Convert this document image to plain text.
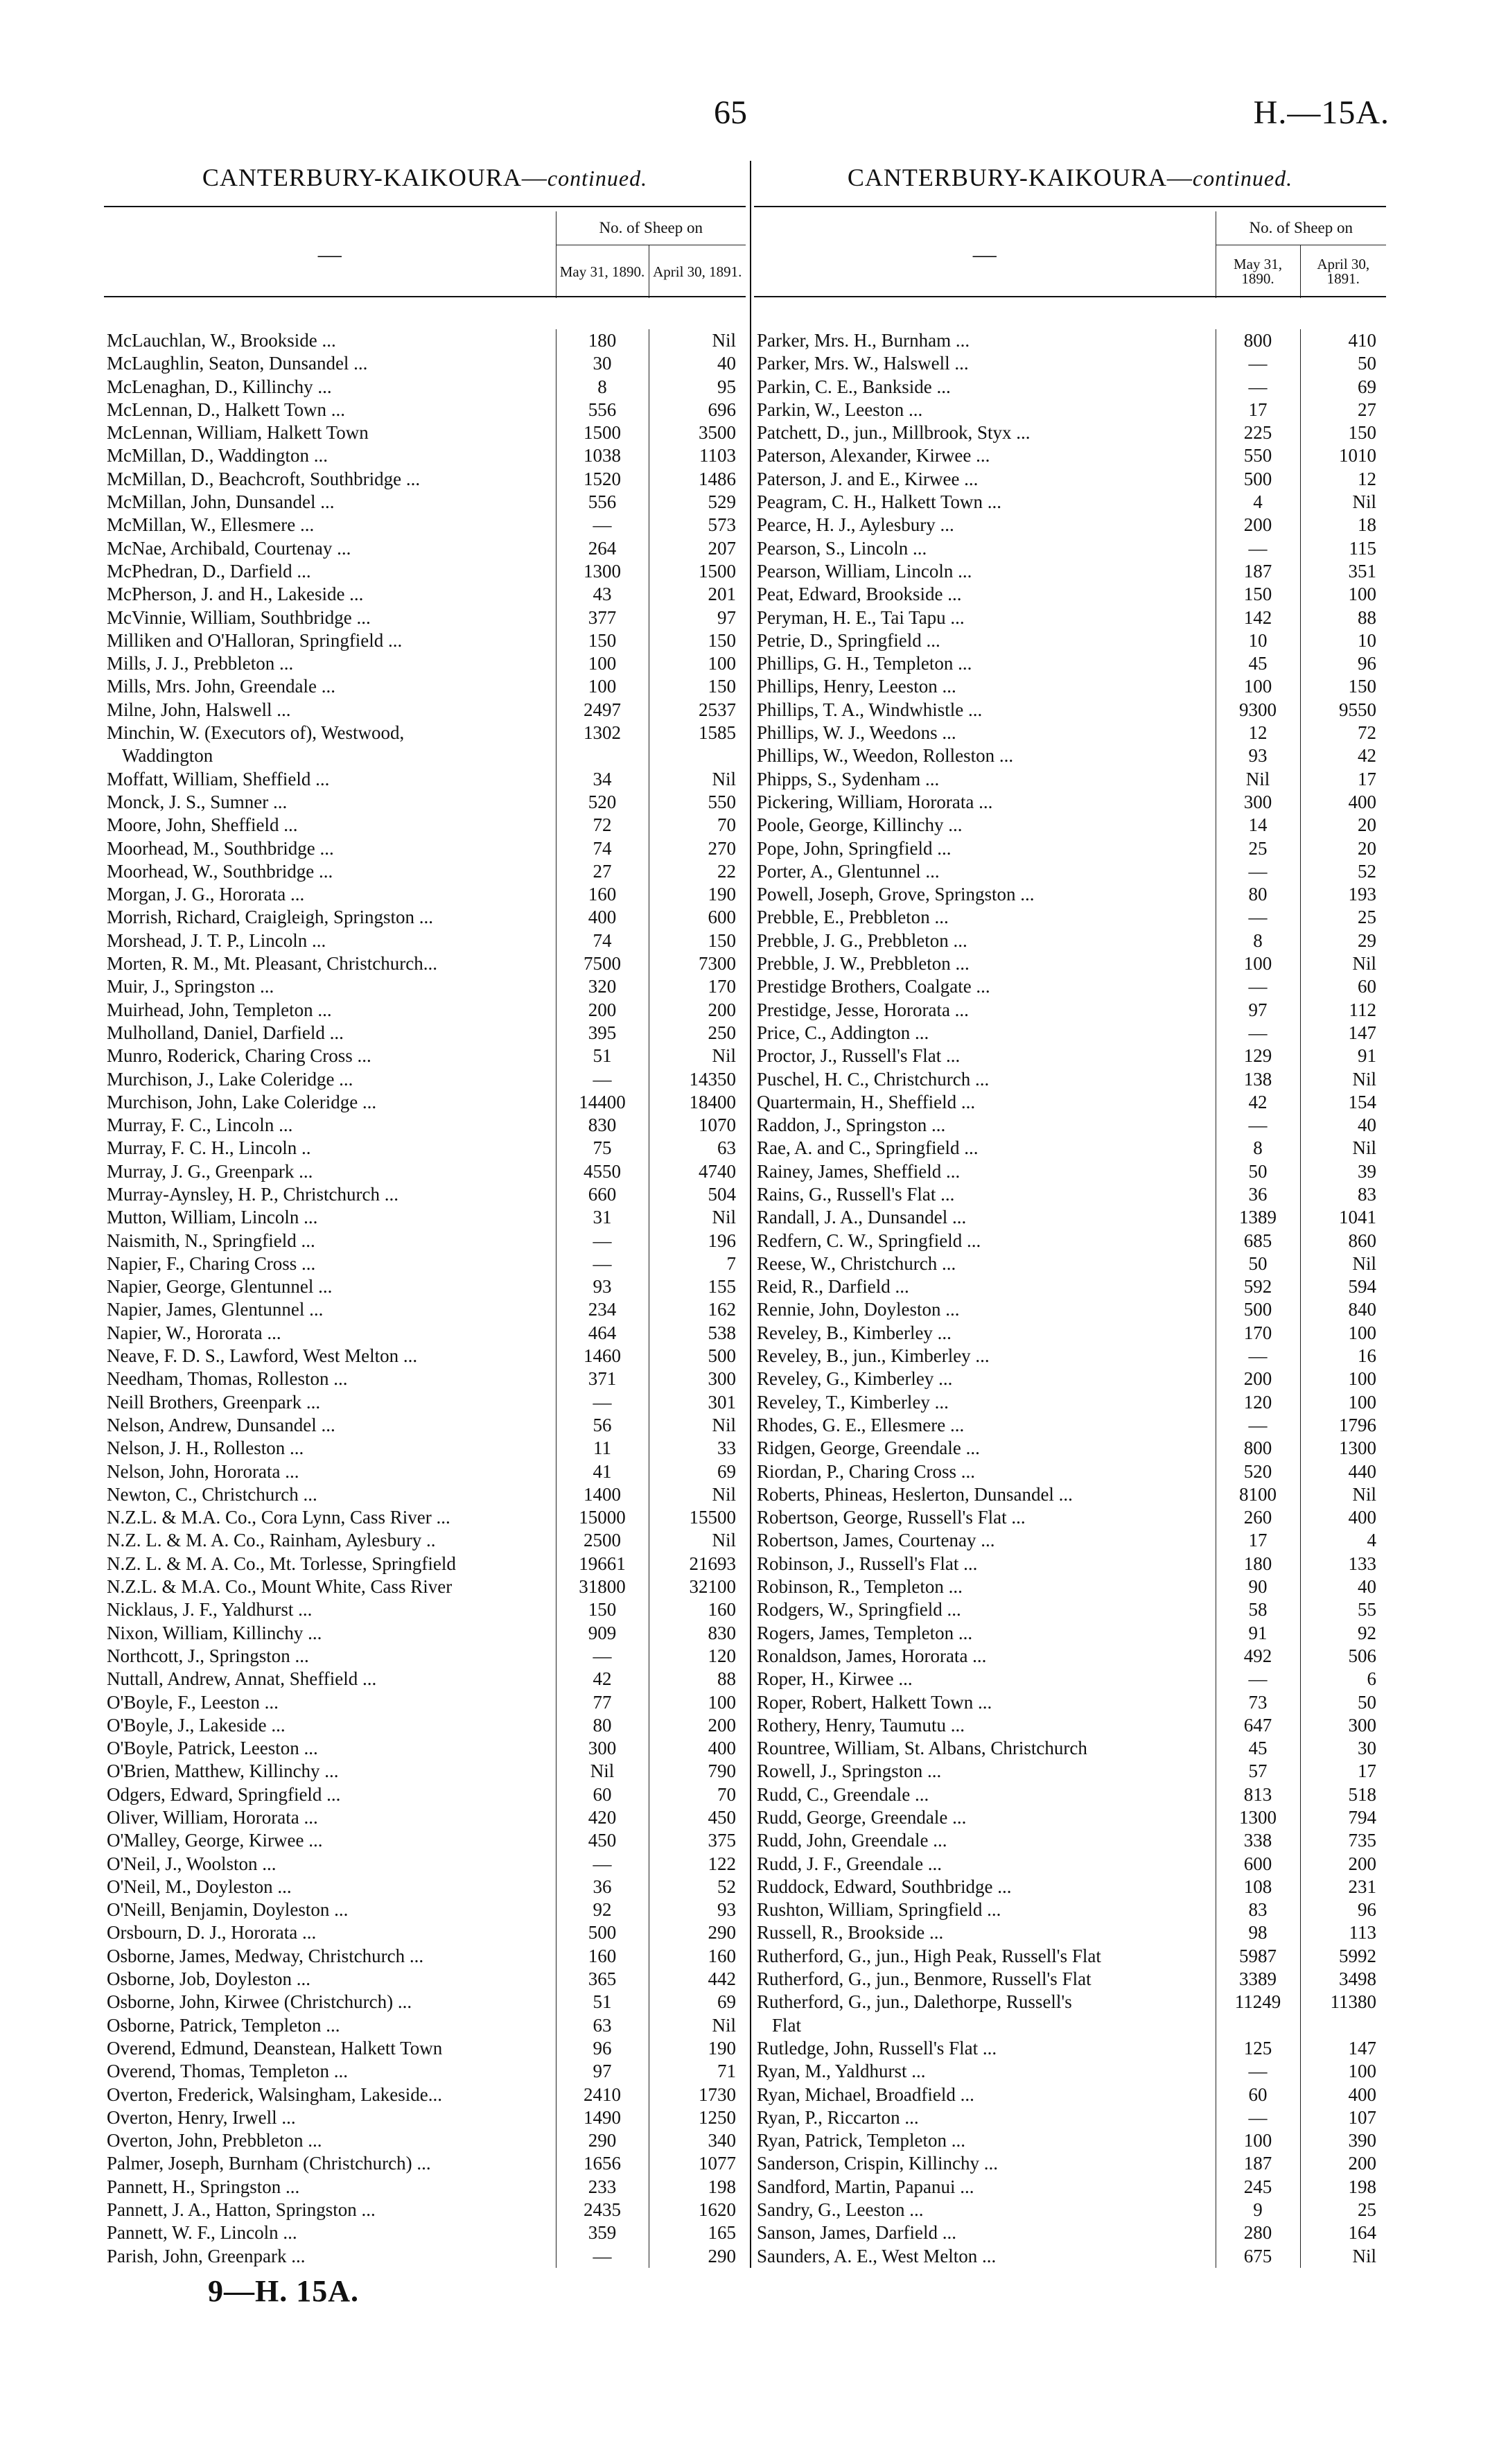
65	H.—15A.
CANTERBURY-KAIKOURA—continued.
—	No. of Sheep on	
	May 31, 1890.	April 30, 1891.
McLauchlan, W., Brookside ...	180	Nil
McLaughlin, Seaton, Dunsandel ...	30	40
McLenaghan, D., Killinchy ...	8	95
McLennan, D., Halkett Town ...	556	696
McLennan, William, Halkett Town	1500	3500
McMillan, D., Waddington ...	1038	1103
McMillan, D., Beachcroft, Southbridge ...	1520	1486
McMillan, John, Dunsandel ...	556	529
McMillan, W., Ellesmere ...	—	573
McNae, Archibald, Courtenay ...	264	207
McPhedran, D., Darfield ...	1300	1500
McPherson, J. and H., Lakeside ...	43	201
McVinnie, William, Southbridge ...	377	97
Milliken and O'Halloran, Springfield ...	150	150
Mills, J. J., Prebbleton ...	100	100
Mills, Mrs. John, Greendale ...	100	150
Milne, John, Halswell ...	2497	2537
Minchin, W. (Executors of), Westwood,	1302	1585
Waddington		
Moffatt, William, Sheffield ...	34	Nil
Monck, J. S., Sumner ...	520	550
Moore, John, Sheffield ...	72	70
Moorhead, M., Southbridge ...	74	270
Moorhead, W., Southbridge ...	27	22
Morgan, J. G., Hororata ...	160	190
Morrish, Richard, Craigleigh, Springston ...	400	600
Morshead, J. T. P., Lincoln ...	74	150
Morten, R. M., Mt. Pleasant, Christchurch...	7500	7300
Muir, J., Springston ...	320	170
Muirhead, John, Templeton ...	200	200
Mulholland, Daniel, Darfield ...	395	250
Munro, Roderick, Charing Cross ...	51	Nil
Murchison, J., Lake Coleridge ...	—	14350
Murchison, John, Lake Coleridge ...	14400	18400
Murray, F. C., Lincoln ...	830	1070
Murray, F. C. H., Lincoln ..	75	63
Murray, J. G., Greenpark ...	4550	4740
Murray-Aynsley, H. P., Christchurch ...	660	504
Mutton, William, Lincoln ...	31	Nil
Naismith, N., Springfield ...	—	196
Napier, F., Charing Cross ...	—	7
Napier, George, Glentunnel ...	93	155
Napier, James, Glentunnel ...	234	162
Napier, W., Hororata ...	464	538
Neave, F. D. S., Lawford, West Melton ...	1460	500
Needham, Thomas, Rolleston ...	371	300
Neill Brothers, Greenpark ...	—	301
Nelson, Andrew, Dunsandel ...	56	Nil
Nelson, J. H., Rolleston ...	11	33
Nelson, John, Hororata ...	41	69
Newton, C., Christchurch ...	1400	Nil
N.Z.L. & M.A. Co., Cora Lynn, Cass River ...	15000	15500
N.Z. L. & M. A. Co., Rainham, Aylesbury ..	2500	Nil
N.Z. L. & M. A. Co., Mt. Torlesse, Springfield	19661	21693
N.Z.L. & M.A. Co., Mount White, Cass River	31800	32100
Nicklaus, J. F., Yaldhurst ...	150	160
Nixon, William, Killinchy ...	909	830
Northcott, J., Springston ...	—	120
Nuttall, Andrew, Annat, Sheffield ...	42	88
O'Boyle, F., Leeston ...	77	100
O'Boyle, J., Lakeside ...	80	200
O'Boyle, Patrick, Leeston ...	300	400
O'Brien, Matthew, Killinchy ...	Nil	790
Odgers, Edward, Springfield ...	60	70
Oliver, William, Hororata ...	420	450
O'Malley, George, Kirwee ...	450	375
O'Neil, J., Woolston ...	—	122
O'Neil, M., Doyleston ...	36	52
O'Neill, Benjamin, Doyleston ...	92	93
Orsbourn, D. J., Hororata ...	500	290
Osborne, James, Medway, Christchurch ...	160	160
Osborne, Job, Doyleston ...	365	442
Osborne, John, Kirwee (Christchurch) ...	51	69
Osborne, Patrick, Templeton ...	63	Nil
Overend, Edmund, Deanstean, Halkett Town	96	190
Overend, Thomas, Templeton ...	97	71
Overton, Frederick, Walsingham, Lakeside...	2410	1730
Overton, Henry, Irwell ...	1490	1250
Overton, John, Prebbleton ...	290	340
Palmer, Joseph, Burnham (Christchurch) ...	1656	1077
Pannett, H., Springston ...	233	198
Pannett, J. A., Hatton, Springston ...	2435	1620
Pannett, W. F., Lincoln ...	359	165
Parish, John, Greenpark ...	—	290
CANTERBURY-KAIKOURA—continued.
—	No. of Sheep on	
	May 31, 1890.	April 30, 1891.
Parker, Mrs. H., Burnham ...	800	410
Parker, Mrs. W., Halswell ...	—	50
Parkin, C. E., Bankside ...	—	69
Parkin, W., Leeston ...	17	27
Patchett, D., jun., Millbrook, Styx ...	225	150
Paterson, Alexander, Kirwee ...	550	1010
Paterson, J. and E., Kirwee ...	500	12
Peagram, C. H., Halkett Town ...	4	Nil
Pearce, H. J., Aylesbury ...	200	18
Pearson, S., Lincoln ...	—	115
Pearson, William, Lincoln ...	187	351
Peat, Edward, Brookside ...	150	100
Peryman, H. E., Tai Tapu ...	142	88
Petrie, D., Springfield ...	10	10
Phillips, G. H., Templeton ...	45	96
Phillips, Henry, Leeston ...	100	150
Phillips, T. A., Windwhistle ...	9300	9550
Phillips, W. J., Weedons ...	12	72
Phillips, W., Weedon, Rolleston ...	93	42
Phipps, S., Sydenham ...	Nil	17
Pickering, William, Hororata ...	300	400
Poole, George, Killinchy ...	14	20
Pope, John, Springfield ...	25	20
Porter, A., Glentunnel ...	—	52
Powell, Joseph, Grove, Springston ...	80	193
Prebble, E., Prebbleton ...	—	25
Prebble, J. G., Prebbleton ...	8	29
Prebble, J. W., Prebbleton ...	100	Nil
Prestidge Brothers, Coalgate ...	—	60
Prestidge, Jesse, Hororata ...	97	112
Price, C., Addington ...	—	147
Proctor, J., Russell's Flat ...	129	91
Puschel, H. C., Christchurch ...	138	Nil
Quartermain, H., Sheffield ...	42	154
Raddon, J., Springston ...	—	40
Rae, A. and C., Springfield ...	8	Nil
Rainey, James, Sheffield ...	50	39
Rains, G., Russell's Flat ...	36	83
Randall, J. A., Dunsandel ...	1389	1041
Redfern, C. W., Springfield ...	685	860
Reese, W., Christchurch ...	50	Nil
Reid, R., Darfield ...	592	594
Rennie, John, Doyleston ...	500	840
Reveley, B., Kimberley ...	170	100
Reveley, B., jun., Kimberley ...	—	16
Reveley, G., Kimberley ...	200	100
Reveley, T., Kimberley ...	120	100
Rhodes, G. E., Ellesmere ...	—	1796
Ridgen, George, Greendale ...	800	1300
Riordan, P., Charing Cross ...	520	440
Roberts, Phineas, Heslerton, Dunsandel ...	8100	Nil
Robertson, George, Russell's Flat ...	260	400
Robertson, James, Courtenay ...	17	4
Robinson, J., Russell's Flat ...	180	133
Robinson, R., Templeton ...	90	40
Rodgers, W., Springfield ...	58	55
Rogers, James, Templeton ...	91	92
Ronaldson, James, Hororata ...	492	506
Roper, H., Kirwee ...	—	6
Roper, Robert, Halkett Town ...	73	50
Rothery, Henry, Taumutu ...	647	300
Rountree, William, St. Albans, Christchurch	45	30
Rowell, J., Springston ...	57	17
Rudd, C., Greendale ...	813	518
Rudd, George, Greendale ...	1300	794
Rudd, John, Greendale ...	338	735
Rudd, J. F., Greendale ...	600	200
Ruddock, Edward, Southbridge ...	108	231
Rushton, William, Springfield ...	83	96
Russell, R., Brookside ...	98	113
Rutherford, G., jun., High Peak, Russell's Flat	5987	5992
Rutherford, G., jun., Benmore, Russell's Flat	3389	3498
Rutherford, G., jun., Dalethorpe, Russell's	11249	11380
Flat		
Rutledge, John, Russell's Flat ...	125	147
Ryan, M., Yaldhurst ...	—	100
Ryan, Michael, Broadfield ...	60	400
Ryan, P., Riccarton ...	—	107
Ryan, Patrick, Templeton ...	100	390
Sanderson, Crispin, Killinchy ...	187	200
Sandford, Martin, Papanui ...	245	198
Sandry, G., Leeston ...	9	25
Sanson, James, Darfield ...	280	164
Saunders, A. E., West Melton ...	675	Nil
9—H. 15A.
